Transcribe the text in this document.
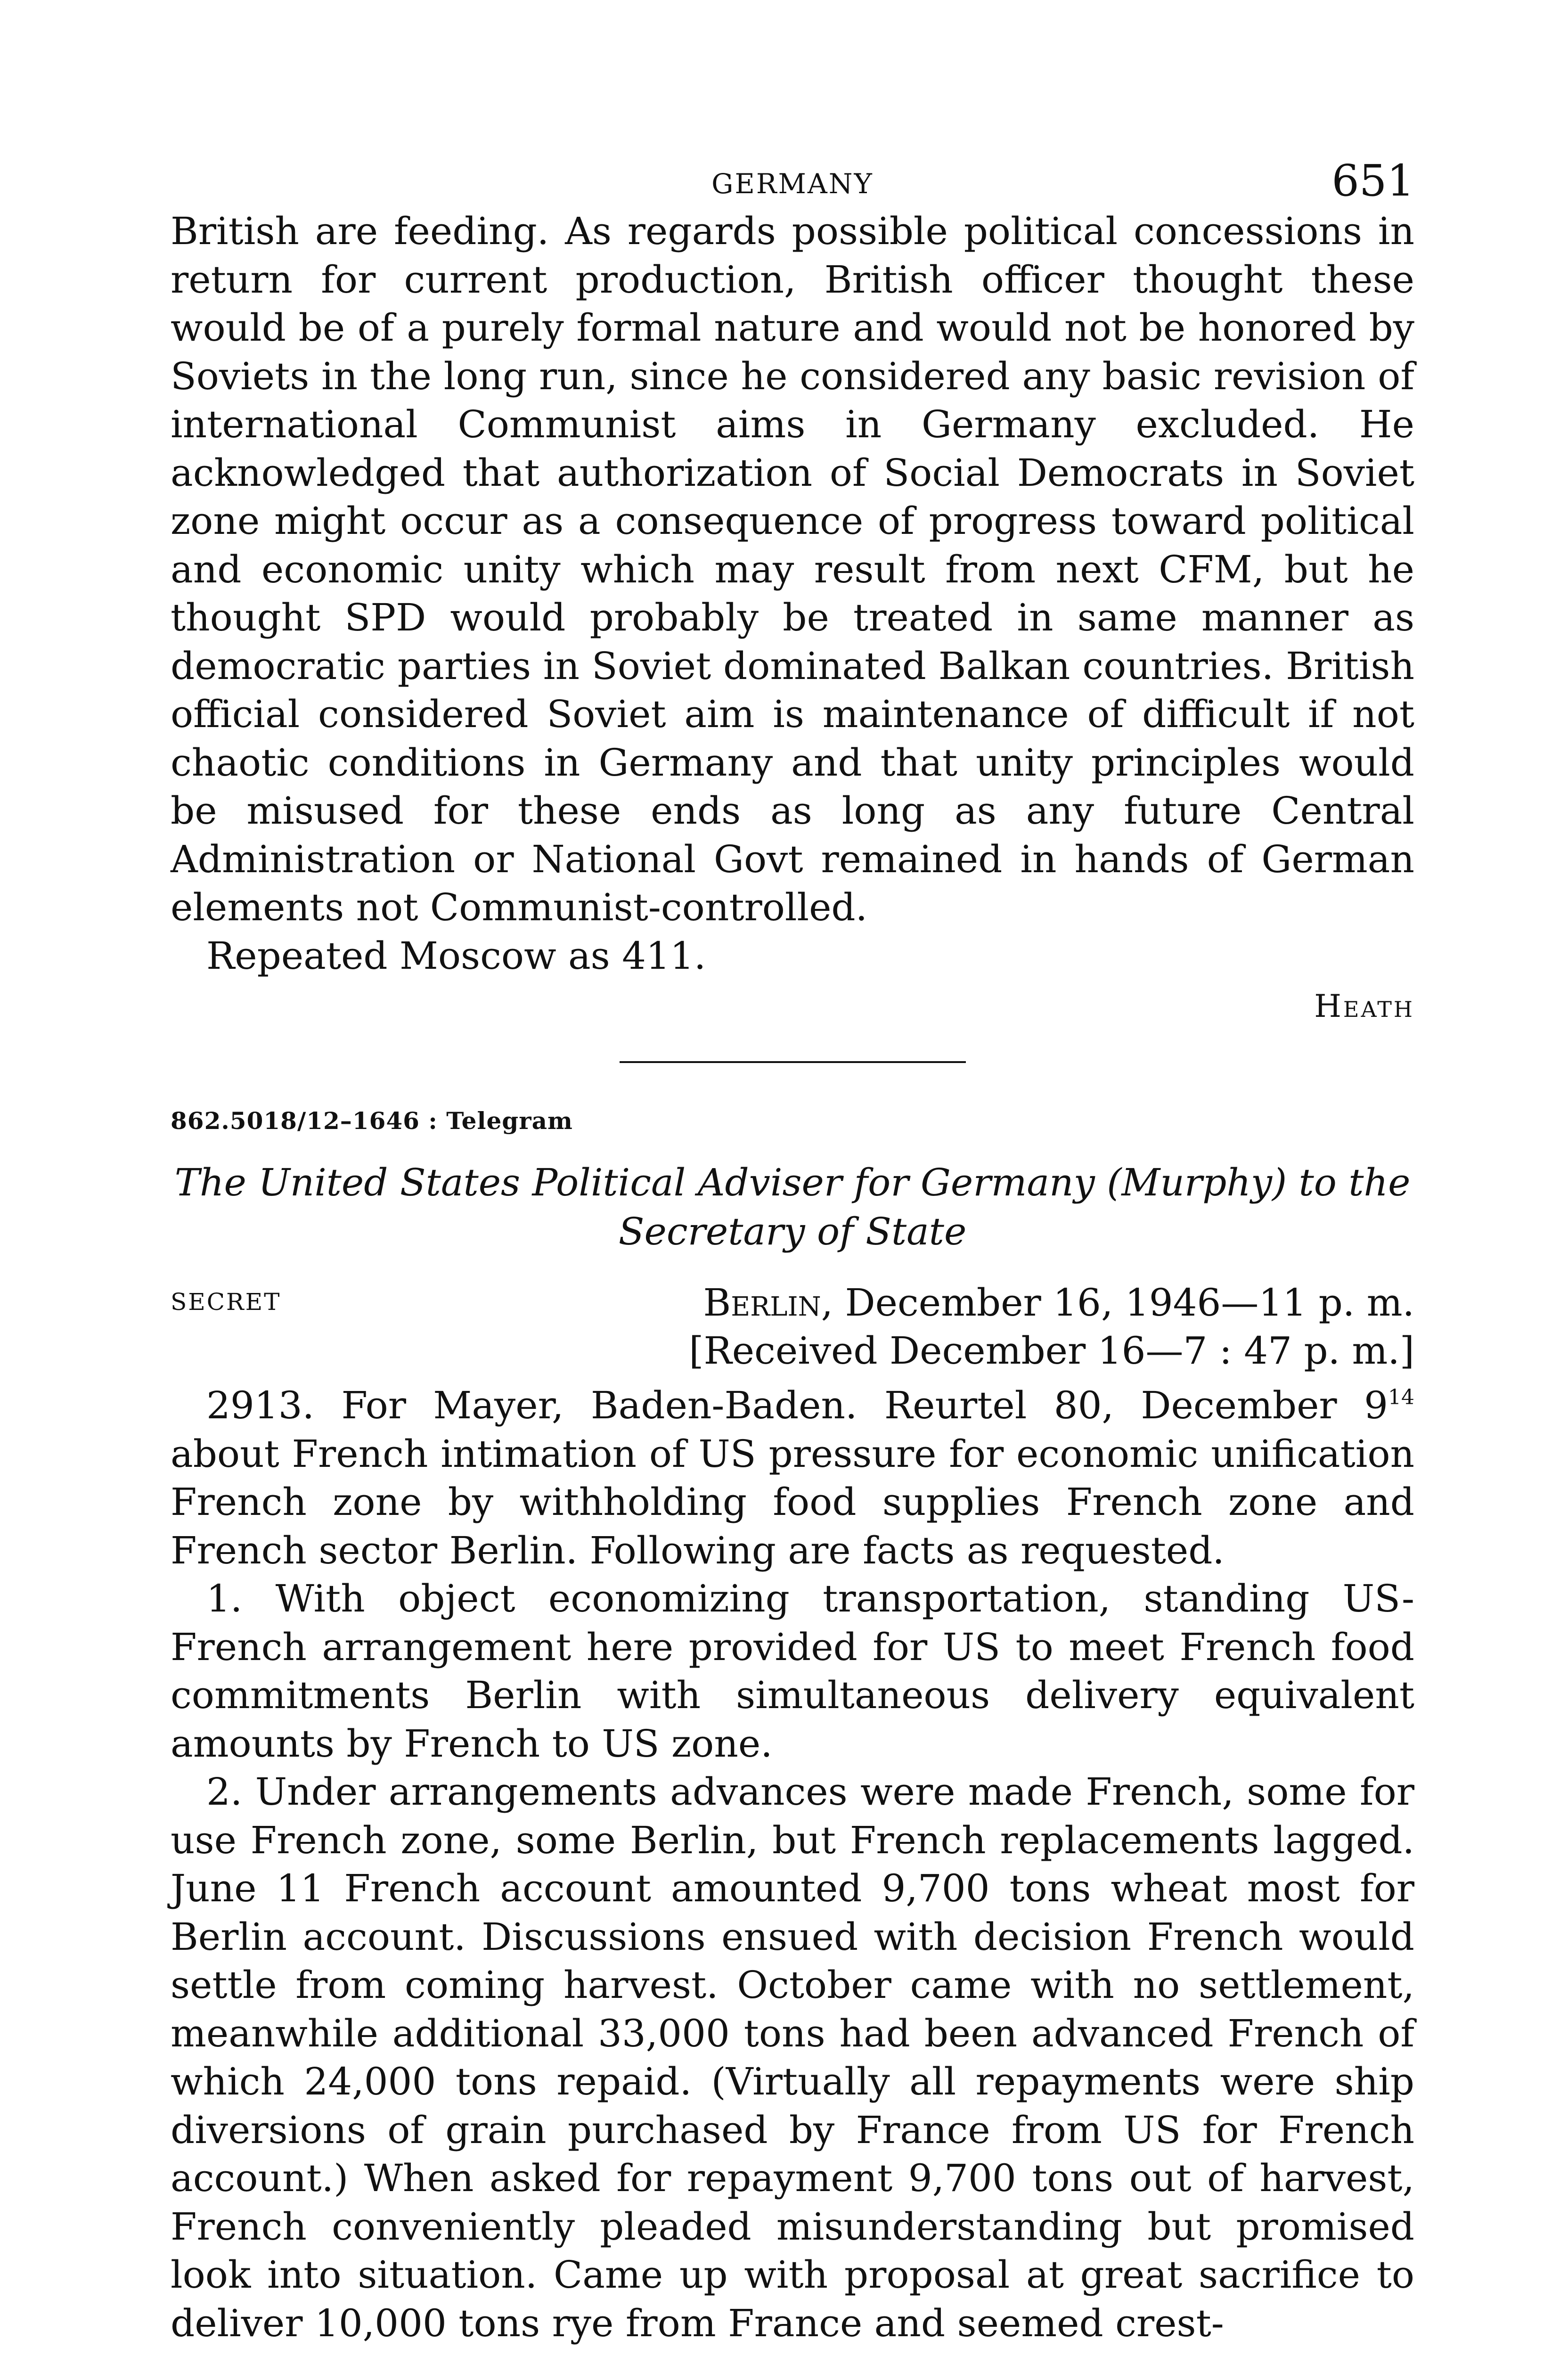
GERMANY	651

British are feeding. As regards possible political concessions in return for current production, British officer thought these would be of a purely formal nature and would not be honored by Soviets in the long run, since he considered any basic revision of international Communist aims in Germany excluded. He acknowledged that authorization of Social Democrats in Soviet zone might occur as a consequence of progress toward political and economic unity which may result from next CFM, but he thought SPD would probably be treated in same manner as democratic parties in Soviet dominated Balkan countries. British official considered Soviet aim is maintenance of difficult if not chaotic conditions in Germany and that unity principles would be misused for these ends as long as any future Central Administration or National Govt remained in hands of German elements not Communist-controlled.

Repeated Moscow as 411.

Heath
862.5018/12–1646 : Telegram
The United States Political Adviser for Germany (Murphy) to the Secretary of State
SECRET	Berlin, December 16, 1946—11 p. m.
[Received December 16—7 : 47 p. m.]

2913. For Mayer, Baden-Baden. Reurtel 80, December $9^{14}$ about French intimation of US pressure for economic unification French zone by withholding food supplies French zone and French sector Berlin. Following are facts as requested.

1. With object economizing transportation, standing US-French arrangement here provided for US to meet French food commitments Berlin with simultaneous delivery equivalent amounts by French to US zone.

2. Under arrangements advances were made French, some for use French zone, some Berlin, but French replacements lagged. June 11 French account amounted 9,700 tons wheat most for Berlin account. Discussions ensued with decision French would settle from coming harvest. October came with no settlement, meanwhile additional 33,000 tons had been advanced French of which 24,000 tons repaid. (Virtually all repayments were ship diversions of grain purchased by France from US for French account.) When asked for repayment 9,700 tons out of harvest, French conveniently pleaded misunderstanding but promised look into situation. Came up with proposal at great sacrifice to deliver 10,000 tons rye from France and seemed crest-
